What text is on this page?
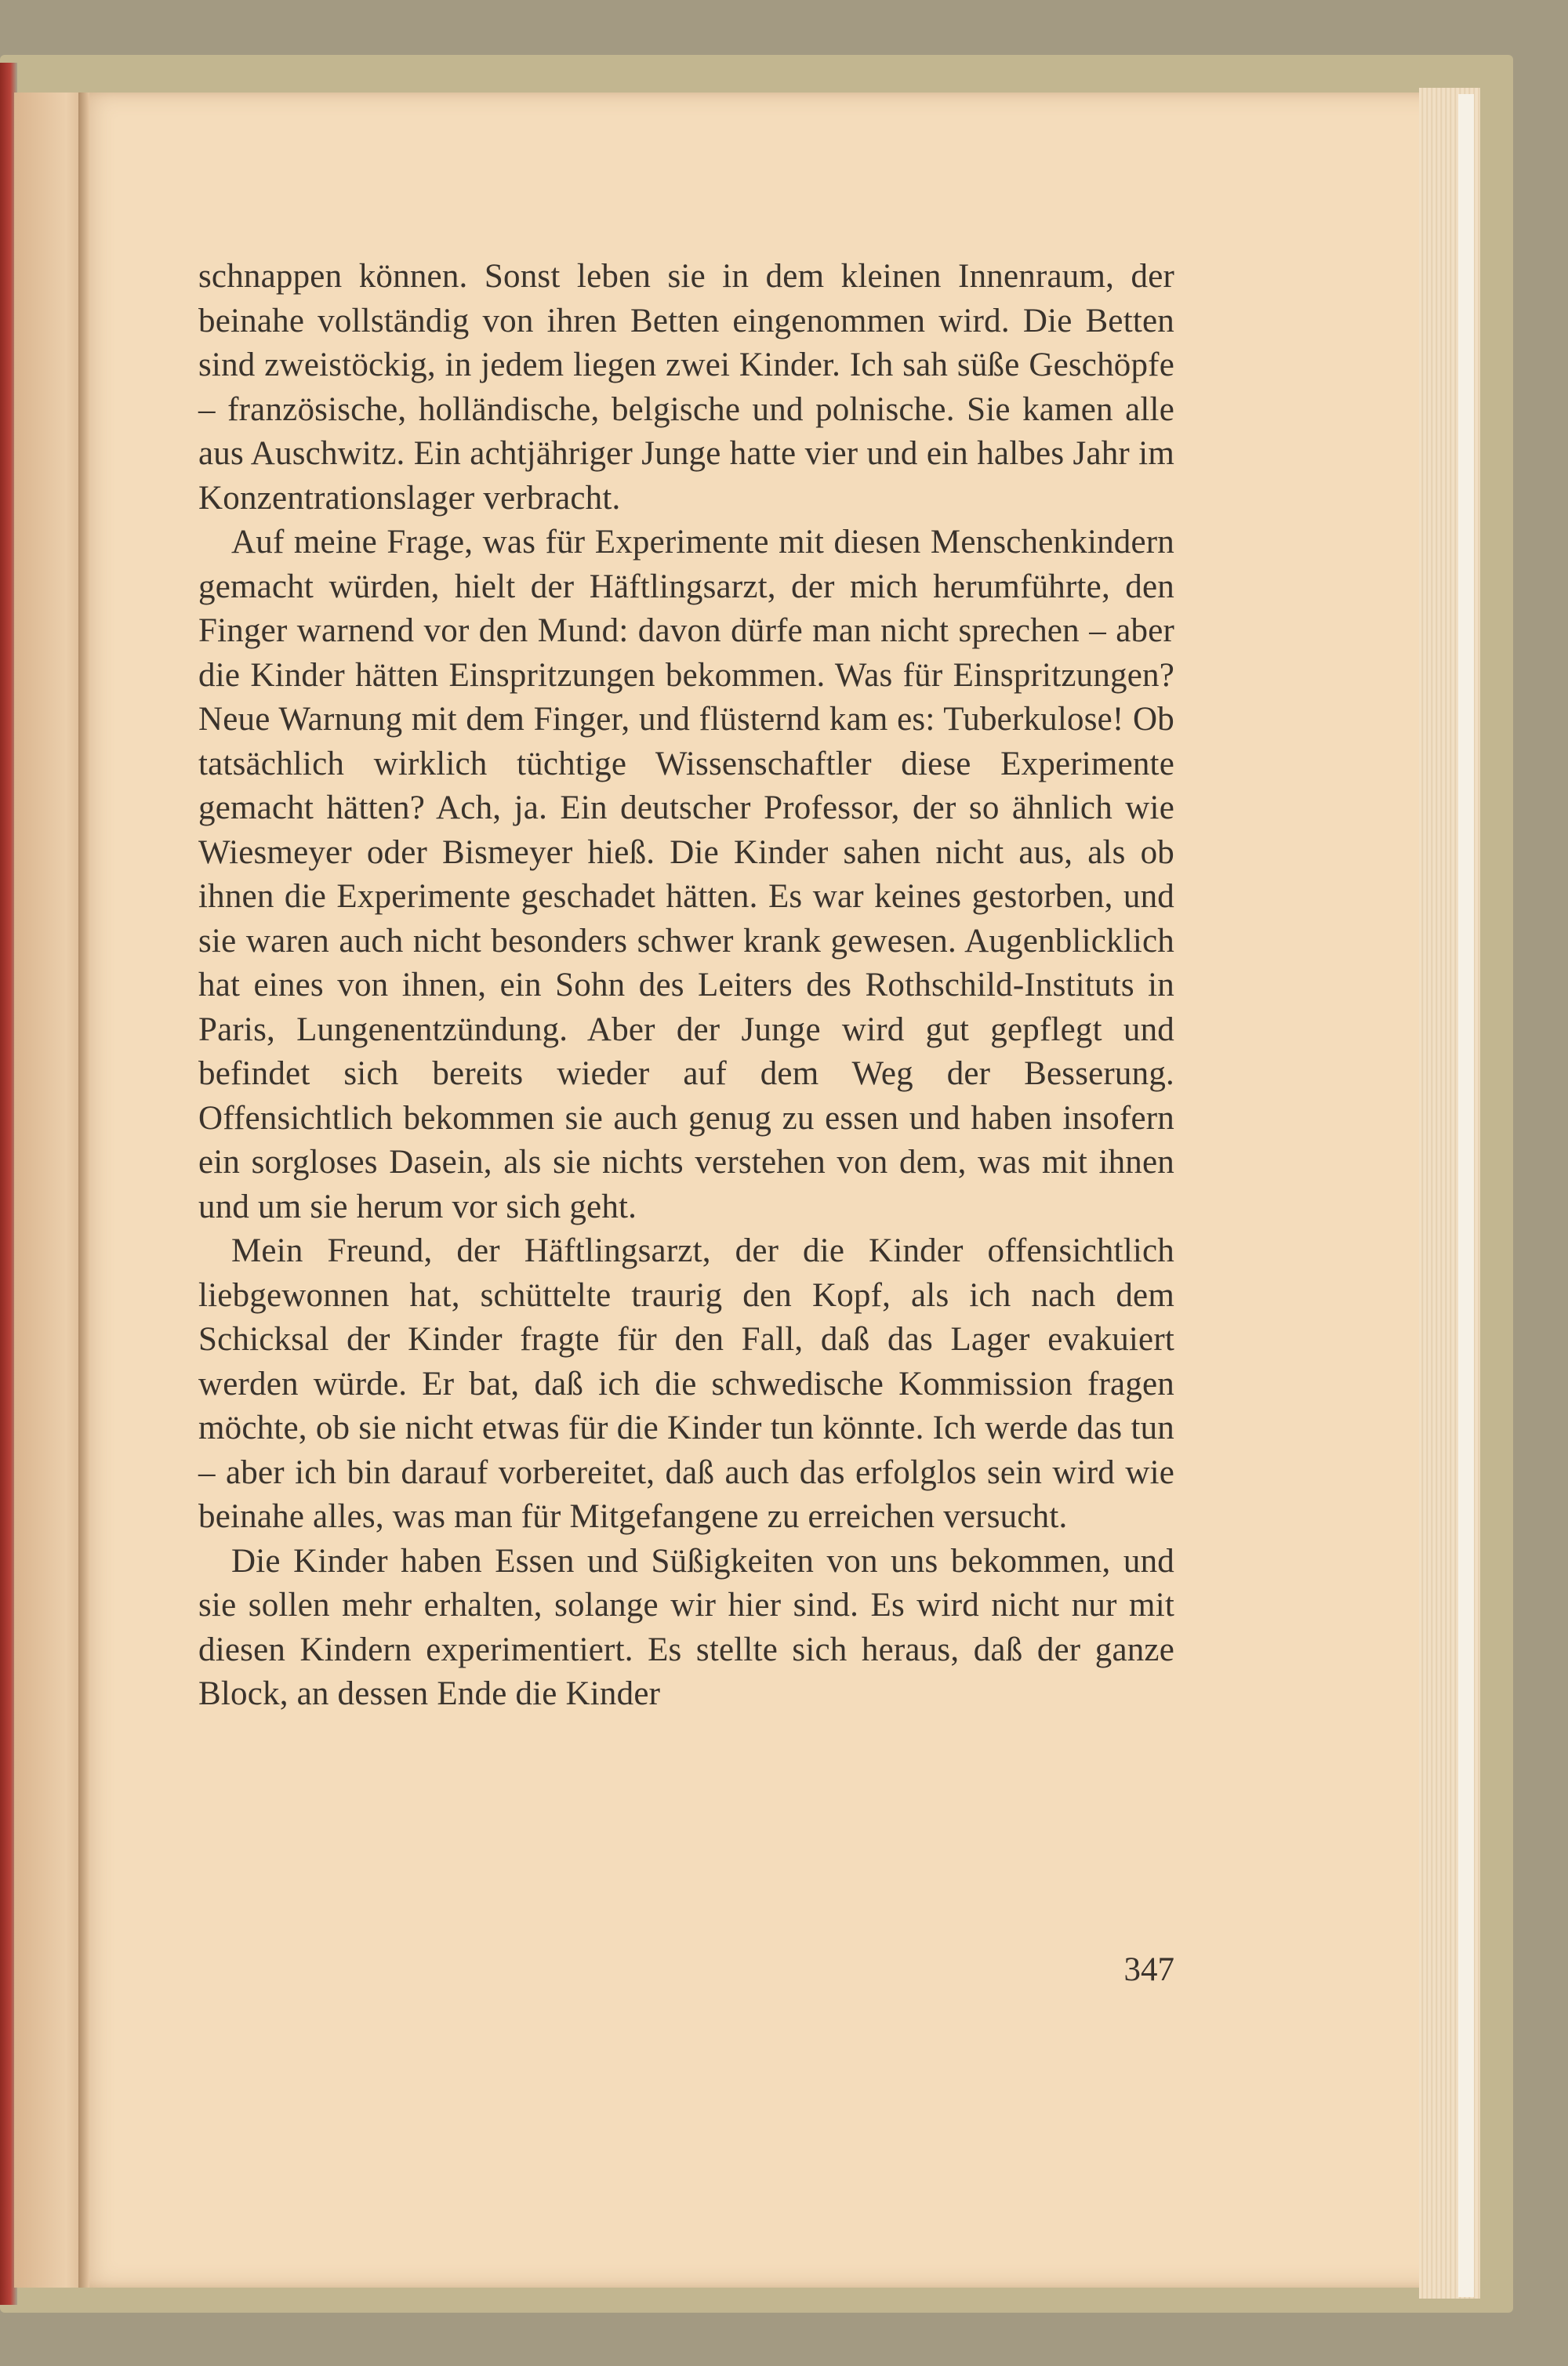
schnappen können. Sonst leben sie in dem kleinen Innenraum, der beinahe vollständig von ihren Betten eingenommen wird. Die Betten sind zweistöckig, in jedem liegen zwei Kinder. Ich sah süße Geschöpfe – französische, holländische, belgische und polnische. Sie kamen alle aus Auschwitz. Ein achtjähriger Junge hatte vier und ein halbes Jahr im Konzentrationslager verbracht.

Auf meine Frage, was für Experimente mit diesen Menschenkindern gemacht würden, hielt der Häftlingsarzt, der mich herumführte, den Finger warnend vor den Mund: davon dürfe man nicht sprechen – aber die Kinder hätten Einspritzungen bekommen. Was für Einspritzungen? Neue Warnung mit dem Finger, und flüsternd kam es: Tuberkulose! Ob tatsächlich wirklich tüchtige Wissenschaftler diese Experimente gemacht hätten? Ach, ja. Ein deutscher Professor, der so ähnlich wie Wiesmeyer oder Bismeyer hieß. Die Kinder sahen nicht aus, als ob ihnen die Experimente geschadet hätten. Es war keines gestorben, und sie waren auch nicht besonders schwer krank gewesen. Augenblicklich hat eines von ihnen, ein Sohn des Leiters des Rothschild-Instituts in Paris, Lungenentzündung. Aber der Junge wird gut gepflegt und befindet sich bereits wieder auf dem Weg der Besserung. Offensichtlich bekommen sie auch genug zu essen und haben insofern ein sorgloses Dasein, als sie nichts verstehen von dem, was mit ihnen und um sie herum vor sich geht.

Mein Freund, der Häftlingsarzt, der die Kinder offensichtlich liebgewonnen hat, schüttelte traurig den Kopf, als ich nach dem Schicksal der Kinder fragte für den Fall, daß das Lager evakuiert werden würde. Er bat, daß ich die schwedische Kommission fragen möchte, ob sie nicht etwas für die Kinder tun könnte. Ich werde das tun – aber ich bin darauf vorbereitet, daß auch das erfolglos sein wird wie beinahe alles, was man für Mitgefangene zu erreichen versucht.

Die Kinder haben Essen und Süßigkeiten von uns bekommen, und sie sollen mehr erhalten, solange wir hier sind. Es wird nicht nur mit diesen Kindern experimentiert. Es stellte sich heraus, daß der ganze Block, an dessen Ende die Kinder

347
